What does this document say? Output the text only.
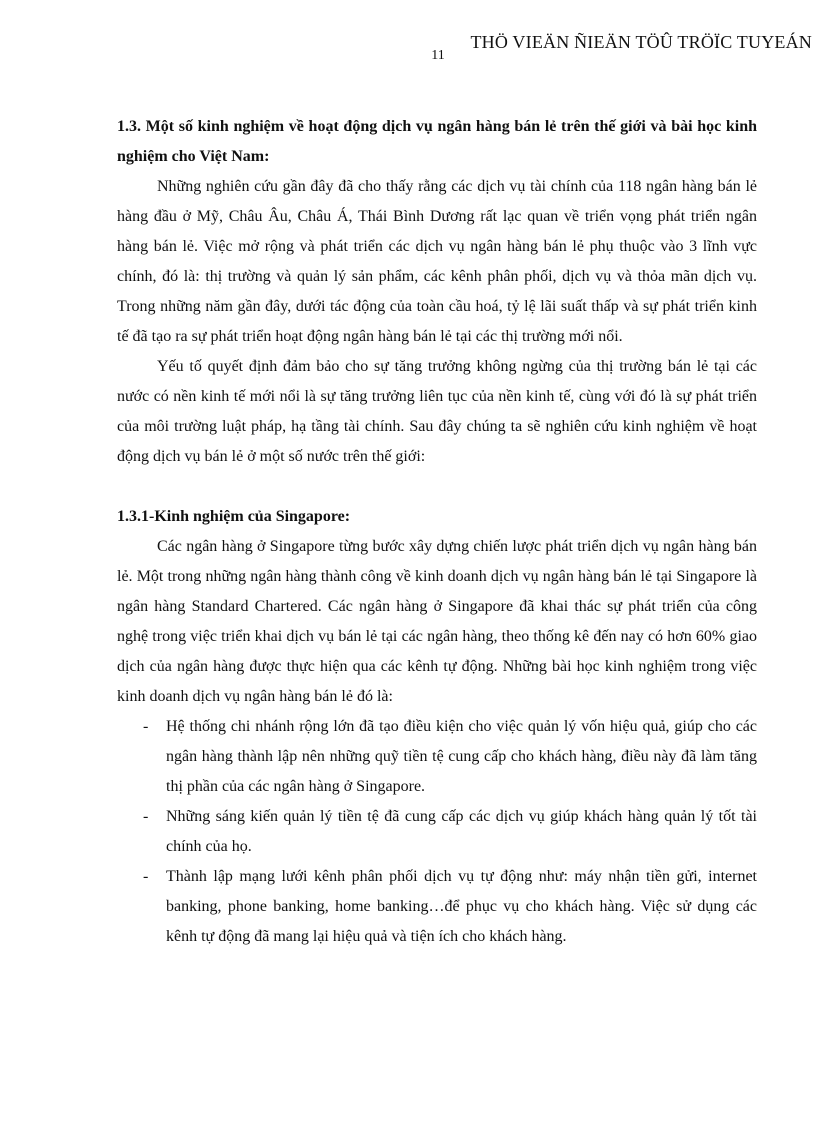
THÖ VIEÄN ÑIEÄN TÖÛ TRÖÏC TUYEÁN
11

1.3. Một số kinh nghiệm về hoạt động dịch vụ ngân hàng bán lẻ trên thế giới và bài học kinh nghiệm cho Việt Nam:

Những nghiên cứu gần đây đã cho thấy rằng các dịch vụ tài chính của 118 ngân hàng bán lẻ hàng đầu ở Mỹ, Châu Âu, Châu Á, Thái Bình Dương rất lạc quan về triển vọng phát triển ngân hàng bán lẻ. Việc mở rộng và phát triển các dịch vụ ngân hàng bán lẻ phụ thuộc vào 3 lĩnh vực chính, đó là: thị trường và quản lý sản phẩm, các kênh phân phối, dịch vụ và thỏa mãn dịch vụ. Trong những năm gần đây, dưới tác động của toàn cầu hoá, tỷ lệ lãi suất thấp và sự phát triển kinh tế đã tạo ra sự phát triển hoạt động ngân hàng bán lẻ tại các thị trường mới nổi.

Yếu tố quyết định đảm bảo cho sự tăng trưởng không ngừng của thị trường bán lẻ tại các nước có nền kinh tế mới nổi là sự tăng trưởng liên tục của nền kinh tế, cùng với đó là sự phát triển của môi trường luật pháp, hạ tầng tài chính. Sau đây chúng ta sẽ nghiên cứu kinh nghiệm về hoạt động dịch vụ bán lẻ ở một số nước trên thế giới:

1.3.1-Kinh nghiệm của Singapore:

Các ngân hàng ở Singapore từng bước xây dựng chiến lược phát triển dịch vụ ngân hàng bán lẻ. Một trong những ngân hàng thành công về kinh doanh dịch vụ ngân hàng bán lẻ tại Singapore là ngân hàng Standard Chartered. Các ngân hàng ở Singapore đã khai thác sự phát triển của công nghệ trong việc triển khai dịch vụ bán lẻ tại các ngân hàng, theo thống kê đến nay có hơn 60% giao dịch của ngân hàng được thực hiện qua các kênh tự động. Những bài học kinh nghiệm trong việc kinh doanh dịch vụ ngân hàng bán lẻ đó là:

- Hệ thống chi nhánh rộng lớn đã tạo điều kiện cho việc quản lý vốn hiệu quả, giúp cho các ngân hàng thành lập nên những quỹ tiền tệ cung cấp cho khách hàng, điều này đã làm tăng thị phần của các ngân hàng ở Singapore.
- Những sáng kiến quản lý tiền tệ đã cung cấp các dịch vụ giúp khách hàng quản lý tốt tài chính của họ.
- Thành lập mạng lưới kênh phân phối dịch vụ tự động như: máy nhận tiền gửi, internet banking, phone banking, home banking…để phục vụ cho khách hàng. Việc sử dụng các kênh tự động đã mang lại hiệu quả và tiện ích cho khách hàng.
